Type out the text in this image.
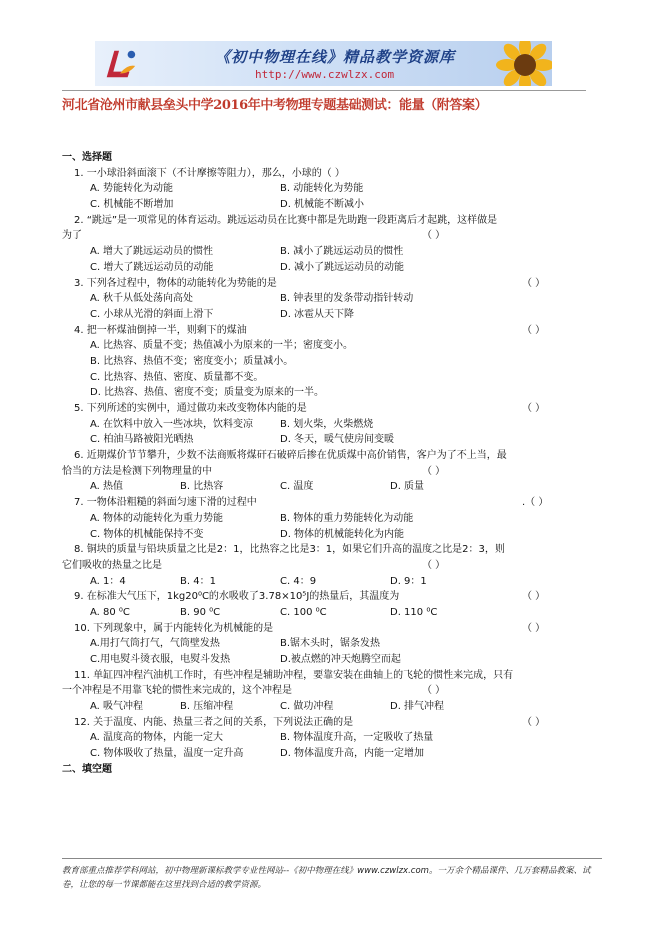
《初中物理在线》精品教学资源库
http://www.czwlzx.com
河北省沧州市献县垒头中学2016年中考物理专题基础测试：能量（附答案）
一、选择题
1. 一小球沿斜面滚下（不计摩擦等阻力），那么，小球的（ ）
A. 势能转化为动能	B. 动能转化为势能
C. 机械能不断增加	D. 机械能不断减小
2. “跳远”是一项常见的体育运动。跳远运动员在比赛中都是先助跑一段距离后才起跳，这样做是
为了	（ ）
A. 增大了跳远运动员的惯性	B. 减小了跳远运动员的惯性
C. 增大了跳远运动员的动能	D. 减小了跳远运动员的动能
3. 下列各过程中，物体的动能转化为势能的是	（ ）
A. 秋千从低处荡向高处	B. 钟表里的发条带动指针转动
C. 小球从光滑的斜面上滑下	D. 冰雹从天下降
4. 把一杯煤油倒掉一半，则剩下的煤油	（ ）
A. 比热容、质量不变；热值减小为原来的一半；密度变小。
B. 比热容、热值不变；密度变小；质量减小。
C. 比热容、热值、密度、质量都不变。
D. 比热容、热值、密度不变；质量变为原来的一半。
5. 下列所述的实例中，通过做功来改变物体内能的是	（ ）
A. 在饮料中放入一些冰块，饮料变凉	B. 划火柴，火柴燃烧
C. 柏油马路被阳光晒热	D. 冬天，暖气使房间变暖
6. 近期煤价节节攀升，少数不法商贩将煤矸石破碎后掺在优质煤中高价销售，客户为了不上当，最
恰当的方法是检测下列物理量的中	（ ）
A. 热值	B. 比热容	C. 温度	D. 质量
7. 一物体沿粗糙的斜面匀速下滑的过程中	.（ ）
A. 物体的动能转化为重力势能	B. 物体的重力势能转化为动能
C. 物体的机械能保持不变	D. 物体的机械能转化为内能
8. 铜块的质量与铅块质量之比是2：1，比热容之比是3：1，如果它们升高的温度之比是2：3，则
它们吸收的热量之比是	（ ）
A. 1：4	B. 4：1	C. 4：9	D. 9：1
9. 在标准大气压下，1kg20⁰C的水吸收了3.78×10⁵J的热量后，其温度为	（ ）
A. 80 ⁰C	B. 90 ⁰C	C. 100 ⁰C	D. 110 ⁰C
10. 下列现象中，属于内能转化为机械能的是	（ ）
A.用打气筒打气，气筒壁发热	B.锯木头时，锯条发热
C.用电熨斗烫衣服，电熨斗发热	D.被点燃的冲天炮腾空而起
11. 单缸四冲程汽油机工作时，有些冲程是辅助冲程，要靠安装在曲轴上的飞轮的惯性来完成，只有
一个冲程是不用靠飞轮的惯性来完成的，这个冲程是	（ ）
A. 吸气冲程	B. 压缩冲程	C. 做功冲程	D. 排气冲程
12. 关于温度、内能、热量三者之间的关系，下列说法正确的是	（ ）
A. 温度高的物体，内能一定大	B. 物体温度升高，一定吸收了热量
C. 物体吸收了热量，温度一定升高	D. 物体温度升高，内能一定增加
二、填空题
教育部重点推荐学科网站，初中物理新课标教学专业性网站--《初中物理在线》www.czwlzx.com。一万余个精品课件、几万套精品教案、试卷，让您的每一节课都能在这里找到合适的教学资源。
